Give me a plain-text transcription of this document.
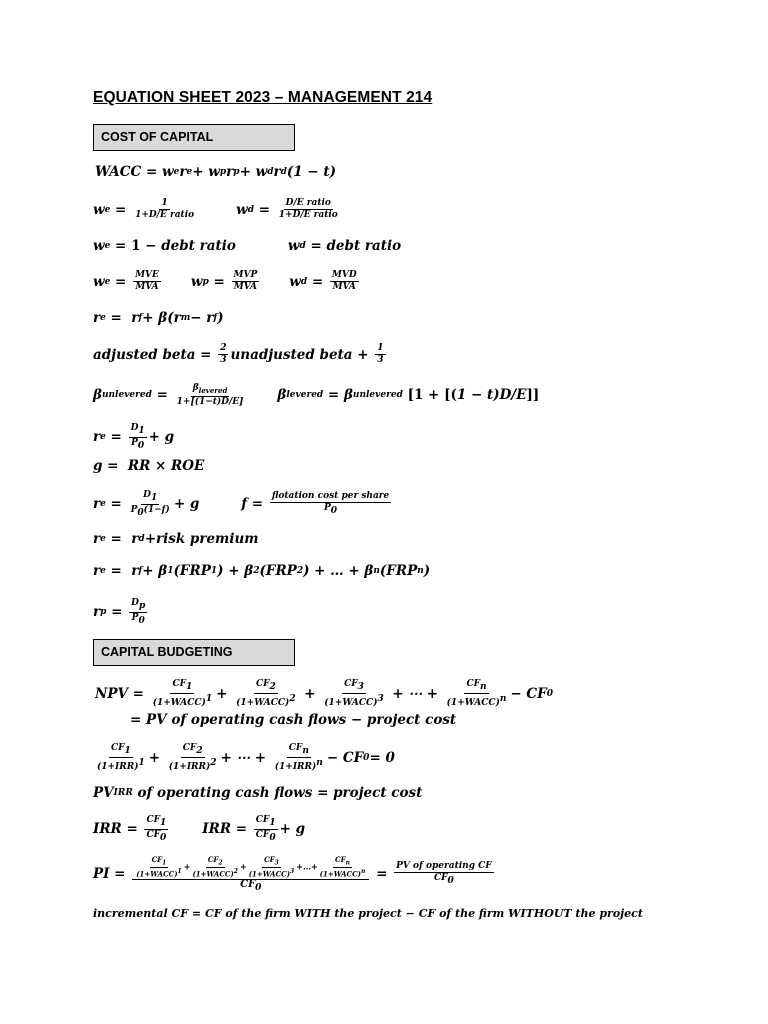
EQUATION SHEET 2023 – MANAGEMENT 214
COST OF CAPITAL
WACC = w e r e + w p r p + w d r d (1 − t)
w $e = \frac{1}{\text{1+D/E ratio}}$	w $d = \frac{\text{D/E ratio}}{\text{1+D/E ratio}}$
w e = 1 − debt ratio	w d = debt ratio
w $e = \frac{\text{MVE}}{\text{MVA}}$ w $p = \frac{\text{MVP}}{\text{MVA}}$ w $d = \frac{\text{MVD}}{\text{MVA}}$
r e =  r f + β(r m − r f )
adjusted beta = $\frac{2}{3}$ unadjusted beta + $\frac{1}{3}$
β unlevered = $\frac{\beta_{levered}}{1+[(1-t)D/E]}$ β levered = β unlevered
[1 + [( 1 − t)D/E ]]
r $e = \frac{D_1}{P_0} + g$
g =  RR × ROE
r $e = \frac{D_1}{P_0(1-f)} + g$	$f = \frac{\text{flotation cost per share}}{P_0}$
r e =  r d + risk premium
r e =  r f + β 1 (FRP 1 ) + β 2 (FRP 2 ) + … + β n (FRP n )
r $p = \frac{D_p}{P_0}$
CAPITAL BUDGETING
NPV = $\frac{CF_1}{(1+WACC)^1} + \frac{CF_2}{(1+WACC)^2} + \frac{CF_3}{(1+WACC)^3}$ + ⋯ + $\frac{CF_n}{(1+WACC)^n}$ − CF 0
= PV of operating cash flows − project cost
$\frac{CF_1}{(1+IRR)^1} + \frac{CF_2}{(1+IRR)^2}$ + ⋯ + $\frac{CF_n}{(1+IRR)^n}$ − CF 0 = 0
PV IRR
of operating cash flows = project cost
IRR = $\frac{CF_1}{CF_0}$	IRR = $\frac{CF_1}{CF_0} + g$
PI = $\frac{\frac{CF_1}{(1+WACC)^1} + \frac{CF_2}{(1+WACC)^2} + \frac{CF_3}{(1+WACC)^3} +\dots+ \frac{CF_n}{(1+WACC)^n}}{CF_0} = \frac{\text{PV of operating CF}}{CF_0}$
incremental CF = CF of the firm WITH the project − CF of the firm WITHOUT the project
